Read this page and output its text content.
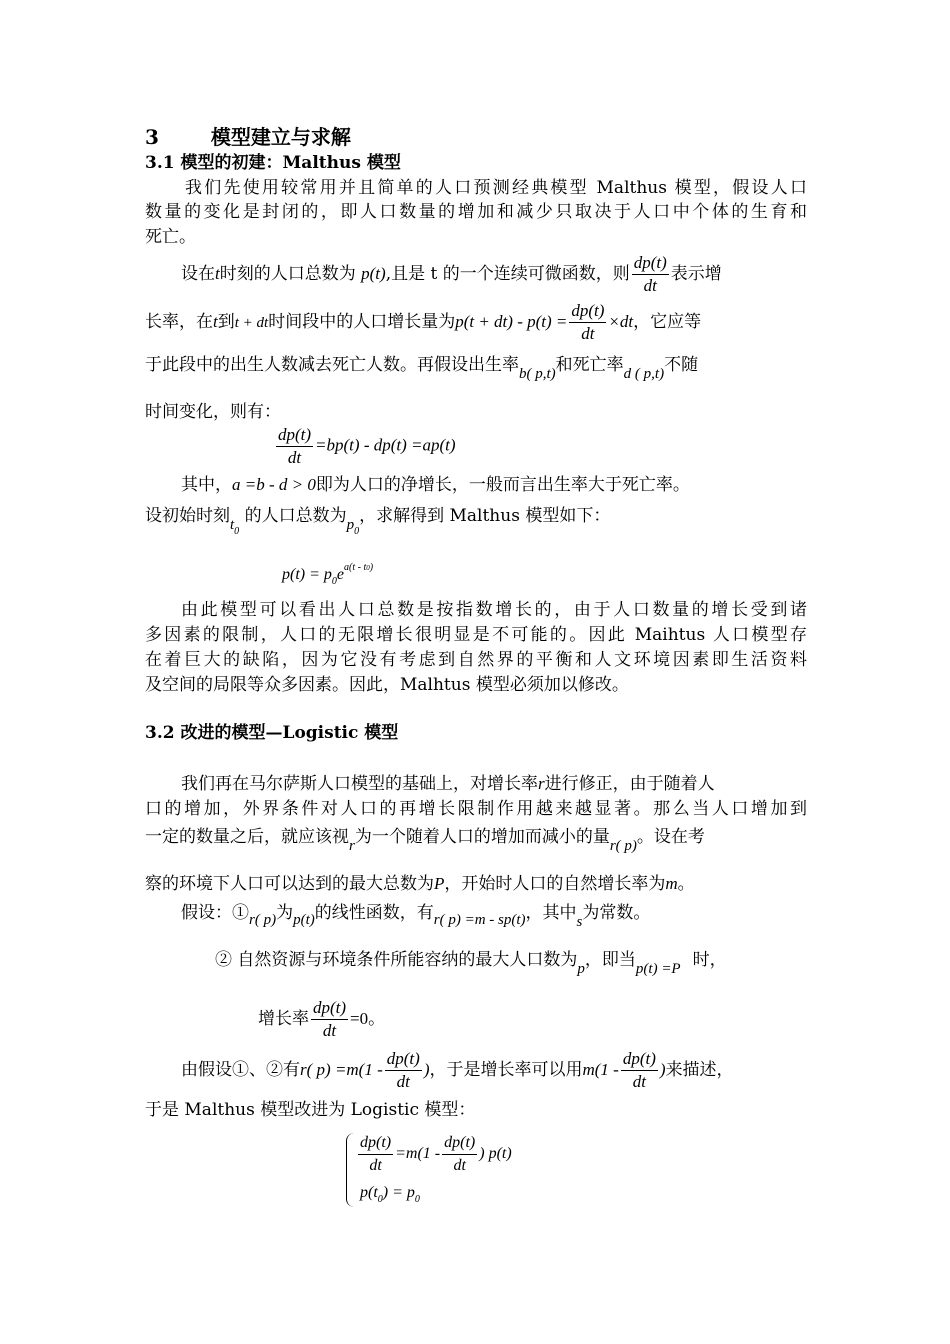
3	模型建立与求解
3.1 模型的初建：Malthus 模型
我们先使用较常用并且简单的人口预测经典模型 Malthus 模型，假设人口
数量的变化是封闭的，即人口数量的增加和减少只取决于人口中个体的生育和
死亡。
设在t时刻的人口总数为 p(t),且是 t 的一个连续可微函数，则 $\frac{dp(t)}{dt}$ 表示增
长率，在t到t + dt时间段中的人口增长量为$p(t + dt) - p(t) = \frac{dp(t)}{dt} \times dt$，它应等
于此段中的出生人数减去死亡人数。再假设出生率b( p,t)和死亡率d ( p,t)不随
时间变化，则有：
$\frac{dp(t)}{dt} =bp(t) - dp(t) =ap(t)$
其中，a =b - d > 0即为人口的净增长，一般而言出生率大于死亡率。
设初始时刻$t_0$ 的人口总数为$p_0$，求解得到 Malthus 模型如下：
$p(t) = p_0e^{a(t - t0)}$
由此模型可以看出人口总数是按指数增长的，由于人口数量的增长受到诸
多因素的限制，人口的无限增长很明显是不可能的。因此 Maihtus 人口模型存
在着巨大的缺陷，因为它没有考虑到自然界的平衡和人文环境因素即生活资料
及空间的局限等众多因素。因此，Malhtus 模型必须加以修改。
3.2 改进的模型—Logistic 模型
我们再在马尔萨斯人口模型的基础上，对增长率r进行修正，由于随着人
口的增加，外界条件对人口的再增长限制作用越来越显著。那么当人口增加到
一定的数量之后，就应该视r为一个随着人口的增加而减小的量r( p)。设在考
察的环境下人口可以达到的最大总数为P，开始时人口的自然增长率为m。
假设：①r( p)为p(t)的线性函数，有r( p) =m - sp(t)，其中s为常数。
② 自然资源与环境条件所能容纳的最大人口数为p，即当p(t) =P 时，
增长率 $\frac{dp(t)}{dt} =0$。
由假设①、②有r( $p) =m(1 - \frac{dp(t)}{dt}$ )，于是增长率可以用$m(1 - \frac{dp(t)}{dt}$ )来描述，
于是 Malthus 模型改进为 Logistic 模型：
$\frac{dp(t)}{dt} =m(1 - \frac{dp(t)}{dt}$ ) p(t)
$p(t_0) = p_0$
